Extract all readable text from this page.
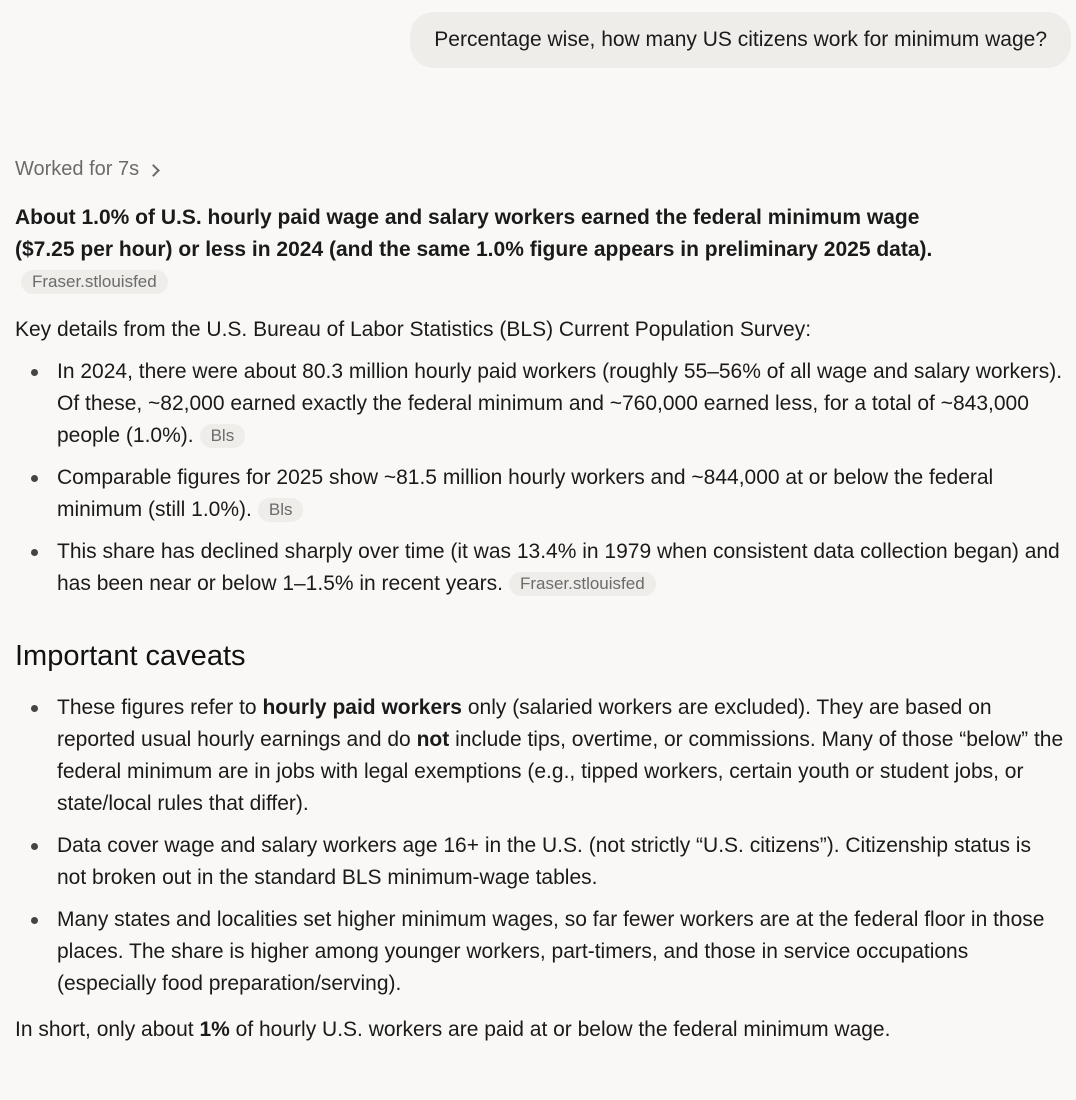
Percentage wise, how many US citizens work for minimum wage?
Worked for 7s

About 1.0% of U.S. hourly paid wage and salary workers earned the federal minimum wage ($7.25 per hour) or less in 2024 (and the same 1.0% figure appears in preliminary 2025 data).Fraser.stlouisfed

Key details from the U.S. Bureau of Labor Statistics (BLS) Current Population Survey:

In 2024, there were about 80.3 million hourly paid workers (roughly 55–56% of all wage and salary workers). Of these, ~82,000 earned exactly the federal minimum and ~760,000 earned less, for a total of ~843,000 people (1.0%). Bls
Comparable figures for 2025 show ~81.5 million hourly workers and ~844,000 at or below the federal minimum (still 1.0%). Bls
This share has declined sharply over time (it was 13.4% in 1979 when consistent data collection began) and has been near or below 1–1.5% in recent years. Fraser.stlouisfed
Important caveats
These figures refer to hourly paid workers only (salaried workers are excluded). They are based on reported usual hourly earnings and do not include tips, overtime, or commissions. Many of those “below” the federal minimum are in jobs with legal exemptions (e.g., tipped workers, certain youth or student jobs, or state/local rules that differ).
Data cover wage and salary workers age 16+ in the U.S. (not strictly “U.S. citizens”). Citizenship status is not broken out in the standard BLS minimum-wage tables.
Many states and localities set higher minimum wages, so far fewer workers are at the federal floor in those places. The share is higher among younger workers, part-timers, and those in service occupations (especially food preparation/serving).

In short, only about 1% of hourly U.S. workers are paid at or below the federal minimum wage.
